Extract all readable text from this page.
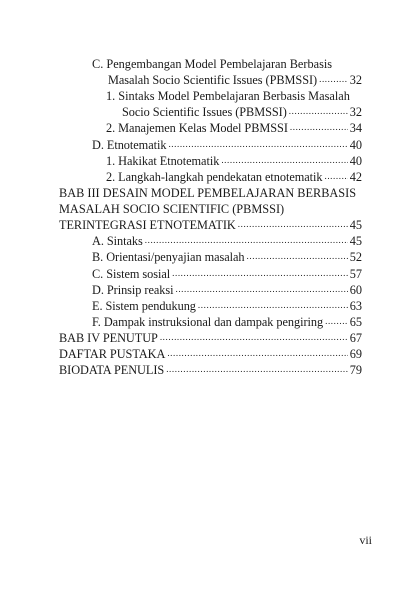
C. Pengembangan Model Pembelajaran Berbasis
Masalah Socio Scientific Issues (PBMSSI) .....	32
1. Sintaks Model Pembelajaran Berbasis Masalah
Socio Scientific Issues (PBMSSI) .....	32
2. Manajemen Kelas Model PBMSSI .....	34
D. Etnotematik .....	40
1. Hakikat Etnotematik .....	40
2. Langkah-langkah pendekatan etnotematik ..... 42
BAB III DESAIN MODEL PEMBELAJARAN BERBASIS
MASALAH SOCIO SCIENTIFIC (PBMSSI)
TERINTEGRASI ETNOTEMATIK .....	45
A. Sintaks .....	45
B. Orientasi/penyajian masalah .....	52
C. Sistem sosial .....	57
D. Prinsip reaksi .....	60
E. Sistem pendukung .....	63
F. Dampak instruksional dan dampak pengiring ..... 65
BAB IV PENUTUP .....	67
DAFTAR PUSTAKA .....	69
BIODATA PENULIS .....	79
vii
